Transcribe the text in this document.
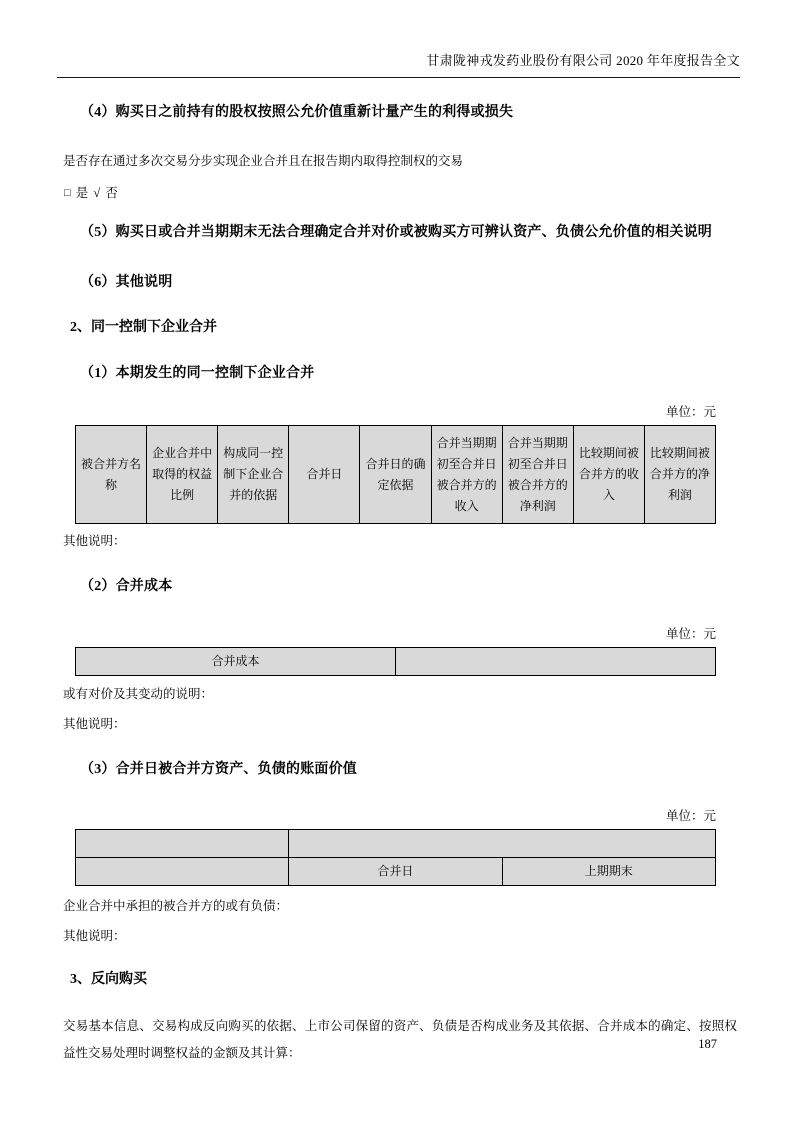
甘肃陇神戎发药业股份有限公司 2020 年年度报告全文

（4）购买日之前持有的股权按照公允价值重新计量产生的利得或损失

是否存在通过多次交易分步实现企业合并且在报告期内取得控制权的交易

□ 是 √ 否

（5）购买日或合并当期期末无法合理确定合并对价或被购买方可辨认资产、负债公允价值的相关说明

（6）其他说明

2、同一控制下企业合并

（1）本期发生的同一控制下企业合并

单位：元

被合并方名称	企业合并中取得的权益比例	构成同一控制下企业合并的依据	合并日	合并日的确定依据	合并当期期初至合并日被合并方的收入	合并当期期初至合并日被合并方的净利润	比较期间被合并方的收入	比较期间被合并方的净利润

其他说明：

（2）合并成本

单位：元

合并成本	

或有对价及其变动的说明：

其他说明：

（3）合并日被合并方资产、负债的账面价值

单位：元

	合并日	上期期末

企业合并中承担的被合并方的或有负债：

其他说明：

3、反向购买

交易基本信息、交易构成反向购买的依据、上市公司保留的资产、负债是否构成业务及其依据、合并成本的确定、按照权益性交易处理时调整权益的金额及其计算：

187
